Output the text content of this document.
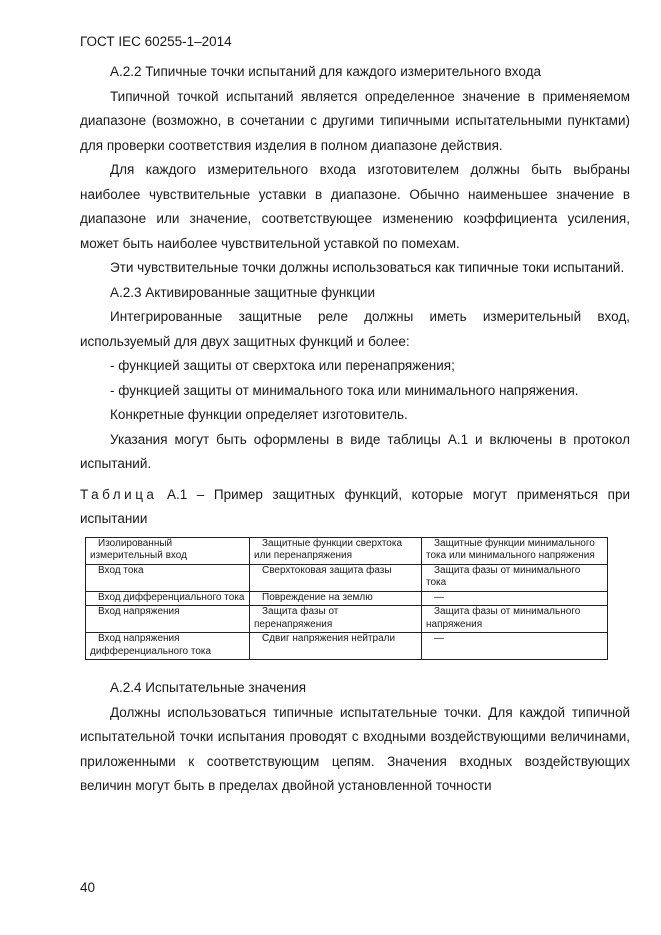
ГОСТ IEC 60255-1–2014

А.2.2 Типичные точки испытаний для каждого измерительного входа

Типичной точкой испытаний является определенное значение в применяемом диапазоне (возможно, в сочетании с другими типичными испытательными пунктами) для проверки соответствия изделия в полном диапазоне действия.

Для каждого измерительного входа изготовителем должны быть выбраны наиболее чувствительные уставки в диапазоне. Обычно наименьшее значение в диапазоне или значение, соответствующее изменению коэффициента усиления, может быть наиболее чувствительной уставкой по помехам.

Эти чувствительные точки должны использоваться как типичные токи испытаний.

А.2.3 Активированные защитные функции

Интегрированные защитные реле должны иметь измерительный вход, используемый для двух защитных функций и более:

- функцией защиты от сверхтока или перенапряжения;

- функцией защиты от минимального тока или минимального напряжения.

Конкретные функции определяет изготовитель.

Указания могут быть оформлены в виде таблицы А.1 и включены в протокол испытаний.

Таблица А.1 – Пример защитных функций, которые могут применяться при испытании

Изолированный измерительный вход	Защитные функции сверхтока или перенапряжения	Защитные функции минимального тока или минимального напряжения
Вход тока	Сверхтоковая защита фазы	Защита фазы от минимального тока
Вход дифференциального тока	Повреждение на землю	—
Вход напряжения	Защита фазы от перенапряжения	Защита фазы от минимального напряжения
Вход напряжения дифференциального тока	Сдвиг напряжения нейтрали	—

А.2.4 Испытательные значения

Должны использоваться типичные испытательные точки. Для каждой типичной испытательной точки испытания проводят с входными воздействующими величинами, приложенными к соответствующим цепям. Значения входных воздействующих величин могут быть в пределах двойной установленной точности

40
